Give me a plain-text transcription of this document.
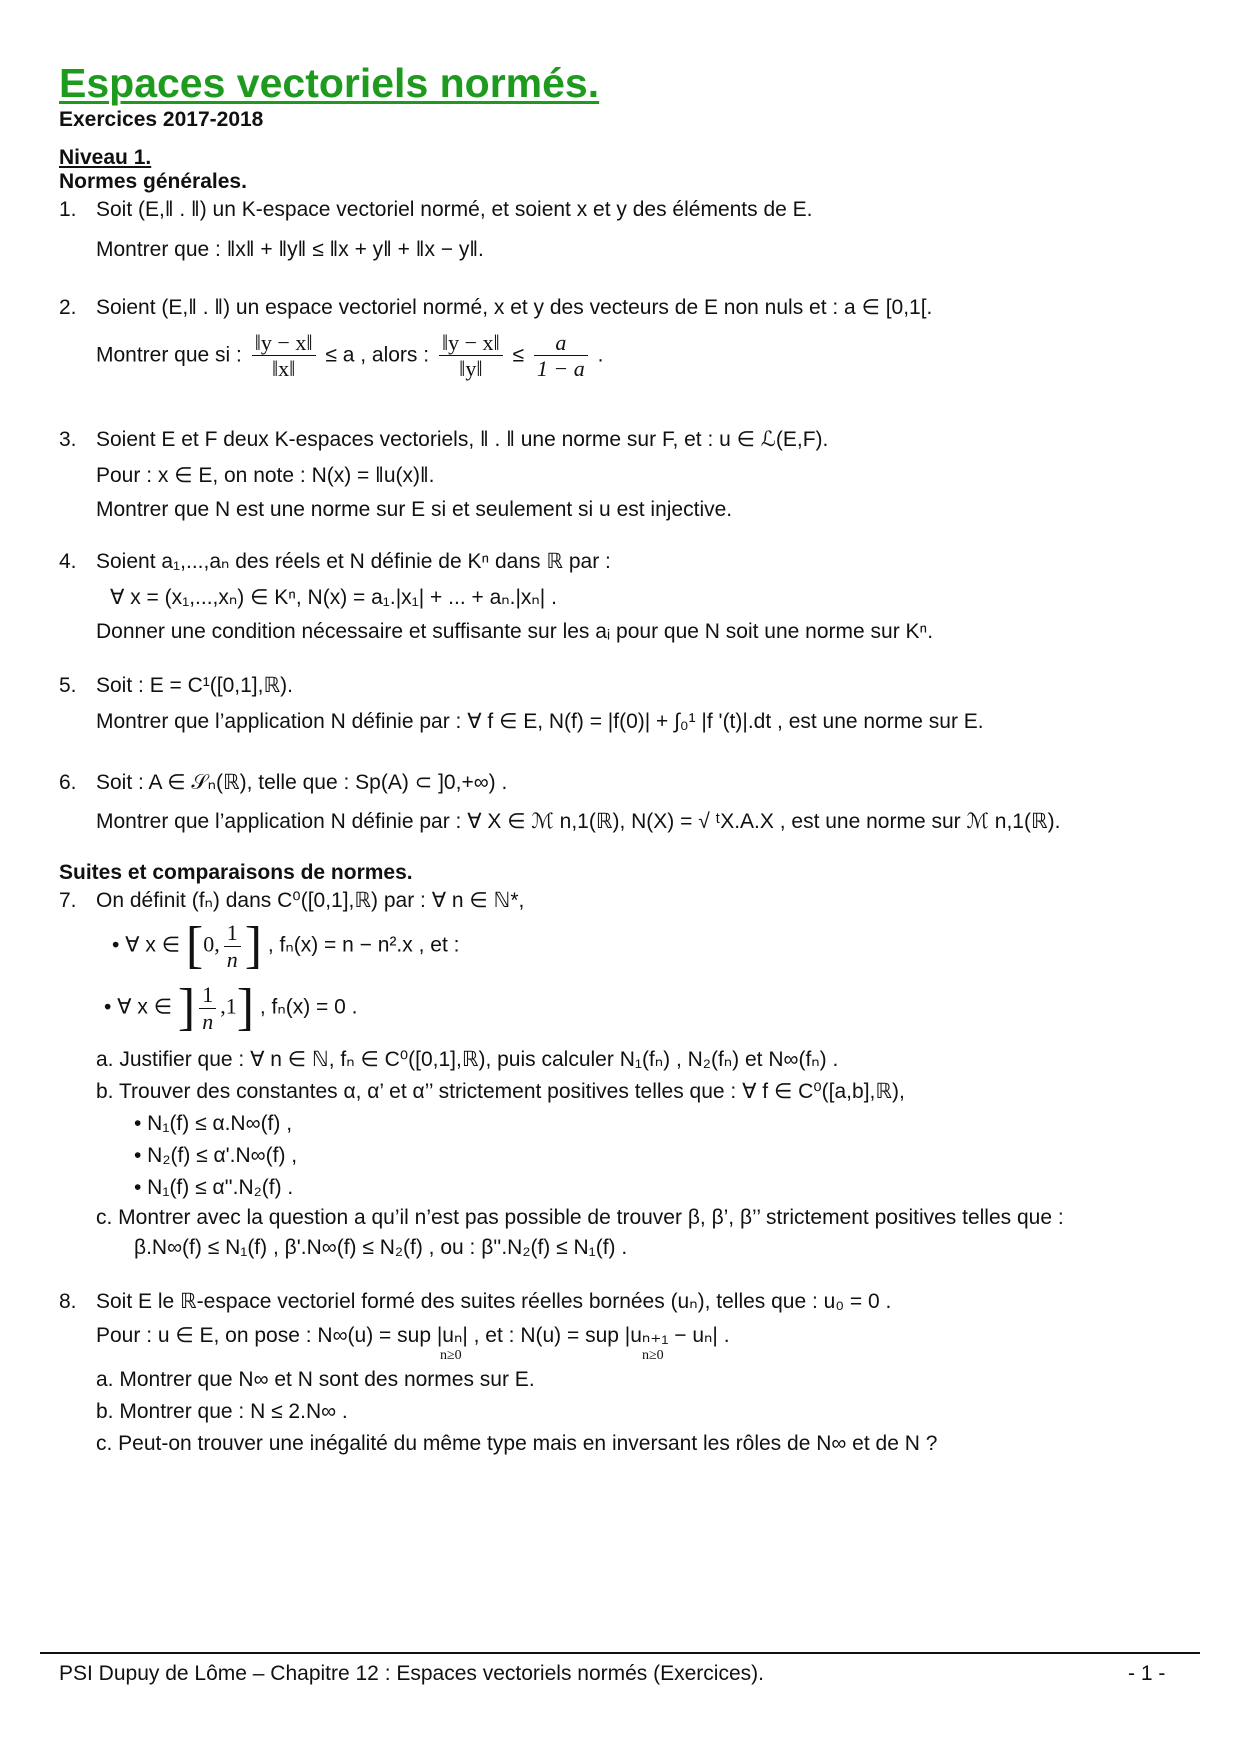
Espaces vectoriels normés.
Exercices 2017-2018
Niveau 1.
Normes générales.
1. Soit (E,‖ . ‖) un K-espace vectoriel normé, et soient x et y des éléments de E.
Montrer que : ‖x‖ + ‖y‖ ≤ ‖x + y‖ + ‖x − y‖.
2. Soient (E,‖ . ‖) un espace vectoriel normé, x et y des vecteurs de E non nuls et : a ∈ [0,1[.
Montrer que si : $\frac{‖y - x‖}{‖x‖} \le a$ , alors : $\frac{‖y - x‖}{‖y‖} \le \frac{a}{1 - a}$ .
3. Soient E et F deux K-espaces vectoriels, ‖ . ‖ une norme sur F, et : u ∈ ℒ(E,F).
Pour : x ∈ E, on note : N(x) = ‖u(x)‖.
Montrer que N est une norme sur E si et seulement si u est injective.
4. Soient a₁,...,aₙ des réels et N définie de Kⁿ dans ℝ par :
∀ x = (x₁,...,xₙ) ∈ Kⁿ, N(x) = a₁.|x₁| + ... + aₙ.|xₙ| .
Donner une condition nécessaire et suffisante sur les aᵢ pour que N soit une norme sur Kⁿ.
5. Soit : E = C¹([0,1],ℝ).
Montrer que l’application N définie par : ∀ f ∈ E, N(f) = |f(0)| + ∫₀¹ |f '(t)|.dt , est une norme sur E.
6. Soit : A ∈ 𝒮ₙ(ℝ), telle que : Sp(A) ⊂ ]0,+∞) .
Montrer que l’application N définie par : ∀ X ∈ ℳ n,1(ℝ), N(X) = √ ᵗX.A.X , est une norme sur ℳ n,1(ℝ).
Suites et comparaisons de normes.
7. On définit (fₙ) dans C⁰([0,1],ℝ) par : ∀ n ∈ ℕ*,
• ∀ x ∈ [0, $\frac{1}{n}$ ] , fₙ(x) = n − n².x , et :
• ∀ x ∈ ] $\frac{1}{n} ,1$] , fₙ(x) = 0 .
a. Justifier que : ∀ n ∈ ℕ, fₙ ∈ C⁰([0,1],ℝ), puis calculer N₁(fₙ) , N₂(fₙ) et N∞(fₙ) .
b. Trouver des constantes α, α’ et α’’ strictement positives telles que : ∀ f ∈ C⁰([a,b],ℝ),
• N₁(f) ≤ α.N∞(f) ,
• N₂(f) ≤ α'.N∞(f) ,
• N₁(f) ≤ α''.N₂(f) .
c. Montrer avec la question a qu’il n’est pas possible de trouver β, β’, β’’ strictement positives telles que :
β.N∞(f) ≤ N₁(f) , β'.N∞(f) ≤ N₂(f) , ou : β''.N₂(f) ≤ N₁(f) .
8. Soit E le ℝ-espace vectoriel formé des suites réelles bornées (uₙ), telles que : u₀ = 0 .
Pour : u ∈ E, on pose : N∞(u) = sup |uₙ| , et : N(u) = sup |uₙ₊₁ − uₙ| .
n≥0	n≥0
a. Montrer que N∞ et N sont des normes sur E.
b. Montrer que : N ≤ 2.N∞ .
c. Peut-on trouver une inégalité du même type mais en inversant les rôles de N∞ et de N ?
PSI Dupuy de Lôme – Chapitre 12 : Espaces vectoriels normés (Exercices).	- 1 -
